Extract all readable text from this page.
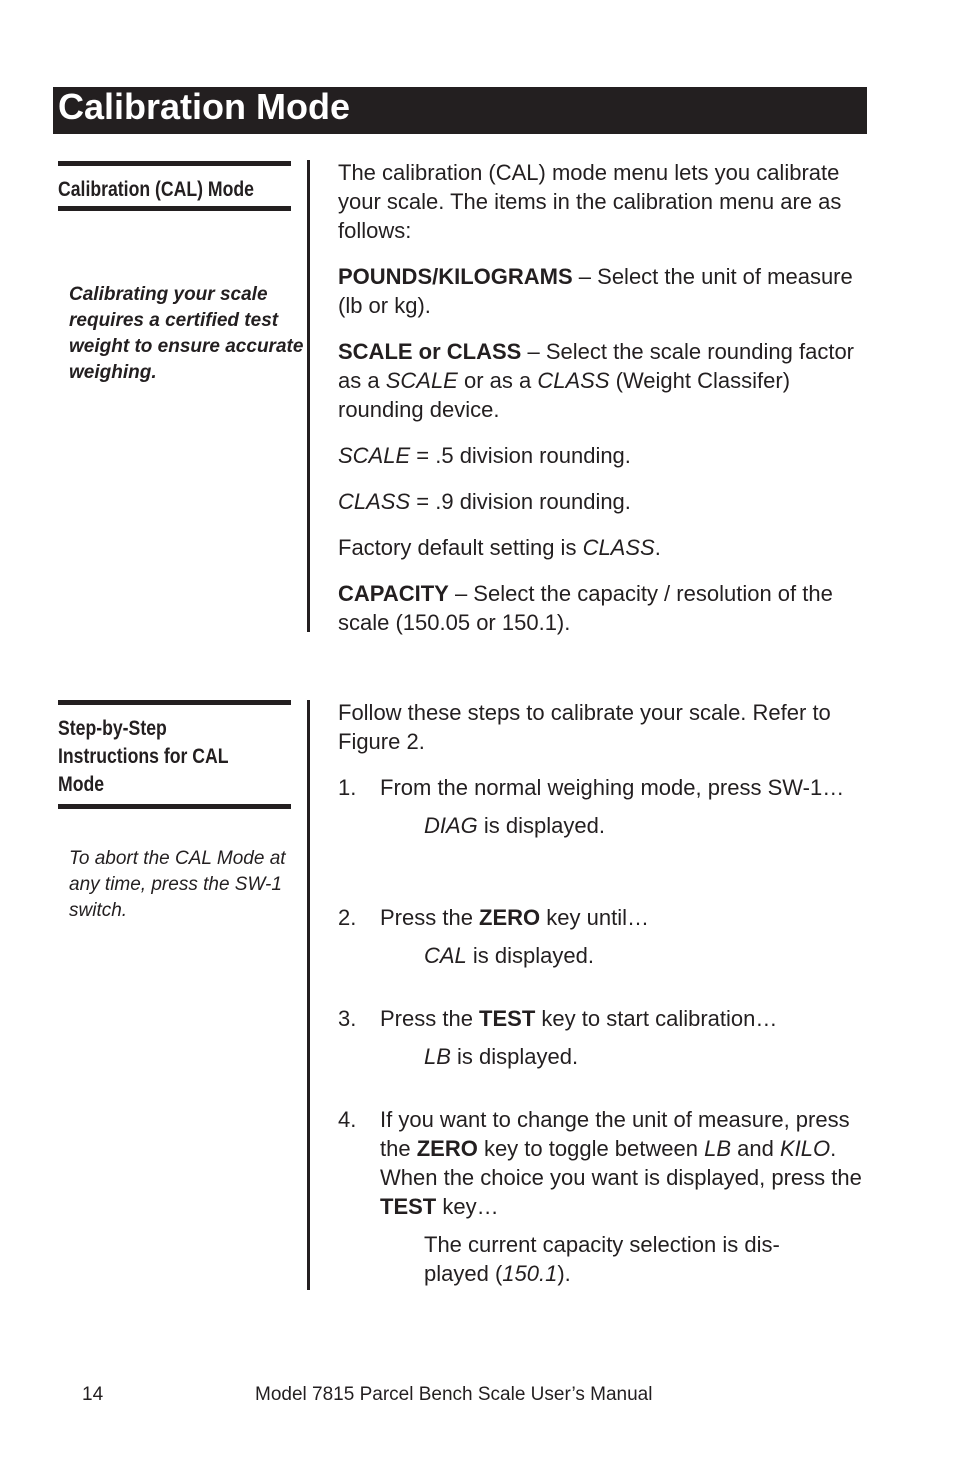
Calibration Mode
Calibration (CAL) Mode
Calibrating your scale requires a certified test weight to ensure accurate weighing.

The calibration (CAL) mode menu lets you calibrate your scale. The items in the calibration menu are as follows:

POUNDS/KILOGRAMS – Select the unit of measure (lb or kg).

SCALE or CLASS – Select the scale rounding factor as a SCALE or as a CLASS (Weight Classifer) rounding device.

SCALE = .5 division rounding.

CLASS = .9 division rounding.

Factory default setting is CLASS.

CAPACITY – Select the capacity / resolution of the scale (150.05 or 150.1).

Step-by-Step
Instructions for CAL
Mode
To abort the CAL Mode at any time, press the SW-1 switch.
Follow these steps to calibrate your scale. Refer to Figure 2.
1. From the normal weighing mode, press SW-1…
DIAG is displayed.
2. Press the ZERO key until…
CAL is displayed.
3. Press the TEST key to start calibration…
LB is displayed.
4. If you want to change the unit of measure, press the ZERO key to toggle between LB and KILO. When the choice you want is displayed, press the TEST key…
The current capacity selection is dis-played (150.1).
14	Model 7815 Parcel Bench Scale User’s Manual
